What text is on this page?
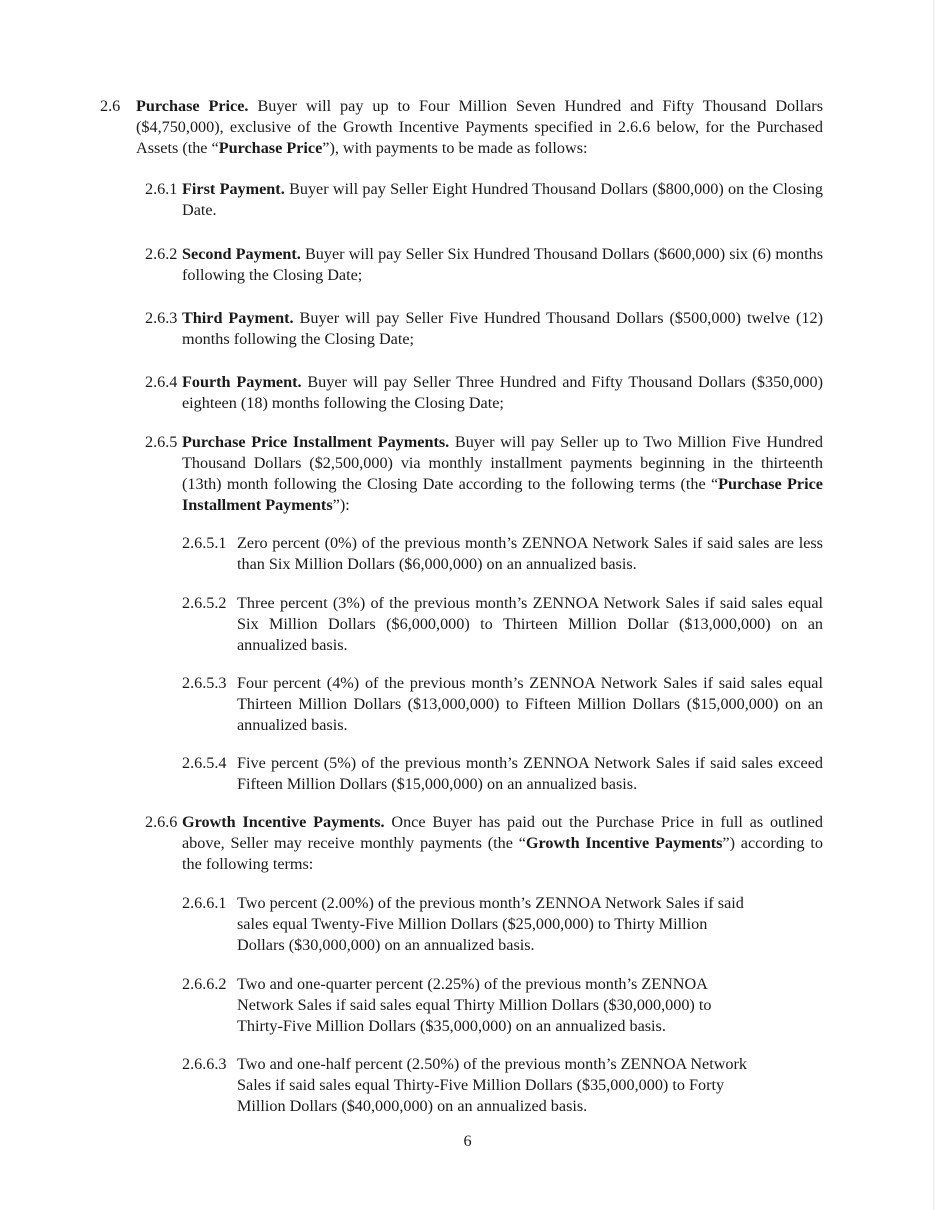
2.6 Purchase Price. Buyer will pay up to Four Million Seven Hundred and Fifty Thousand Dollars ($4,750,000), exclusive of the Growth Incentive Payments specified in 2.6.6 below, for the Purchased Assets (the “Purchase Price”), with payments to be made as follows:
2.6.1 First Payment. Buyer will pay Seller Eight Hundred Thousand Dollars ($800,000) on the Closing Date.
2.6.2 Second Payment. Buyer will pay Seller Six Hundred Thousand Dollars ($600,000) six (6) months following the Closing Date;
2.6.3 Third Payment. Buyer will pay Seller Five Hundred Thousand Dollars ($500,000) twelve (12) months following the Closing Date;
2.6.4 Fourth Payment. Buyer will pay Seller Three Hundred and Fifty Thousand Dollars ($350,000) eighteen (18) months following the Closing Date;
2.6.5 Purchase Price Installment Payments. Buyer will pay Seller up to Two Million Five Hundred Thousand Dollars ($2,500,000) via monthly installment payments beginning in the thirteenth (13th) month following the Closing Date according to the following terms (the “Purchase Price Installment Payments”):
2.6.5.1 Zero percent (0%) of the previous month’s ZENNOA Network Sales if said sales are less than Six Million Dollars ($6,000,000) on an annualized basis.
2.6.5.2 Three percent (3%) of the previous month’s ZENNOA Network Sales if said sales equal Six Million Dollars ($6,000,000) to Thirteen Million Dollar ($13,000,000) on an annualized basis.
2.6.5.3 Four percent (4%) of the previous month’s ZENNOA Network Sales if said sales equal Thirteen Million Dollars ($13,000,000) to Fifteen Million Dollars ($15,000,000) on an annualized basis.
2.6.5.4 Five percent (5%) of the previous month’s ZENNOA Network Sales if said sales exceed Fifteen Million Dollars ($15,000,000) on an annualized basis.
2.6.6 Growth Incentive Payments. Once Buyer has paid out the Purchase Price in full as outlined above, Seller may receive monthly payments (the “Growth Incentive Payments”) according to the following terms:
2.6.6.1 Two percent (2.00%) of the previous month’s ZENNOA Network Sales if said
sales equal Twenty-Five Million Dollars ($25,000,000) to Thirty Million
Dollars ($30,000,000) on an annualized basis.
2.6.6.2 Two and one-quarter percent (2.25%) of the previous month’s ZENNOA
Network Sales if said sales equal Thirty Million Dollars ($30,000,000) to
Thirty-Five Million Dollars ($35,000,000) on an annualized basis.
2.6.6.3 Two and one-half percent (2.50%) of the previous month’s ZENNOA Network
Sales if said sales equal Thirty-Five Million Dollars ($35,000,000) to Forty
Million Dollars ($40,000,000) on an annualized basis.
6
